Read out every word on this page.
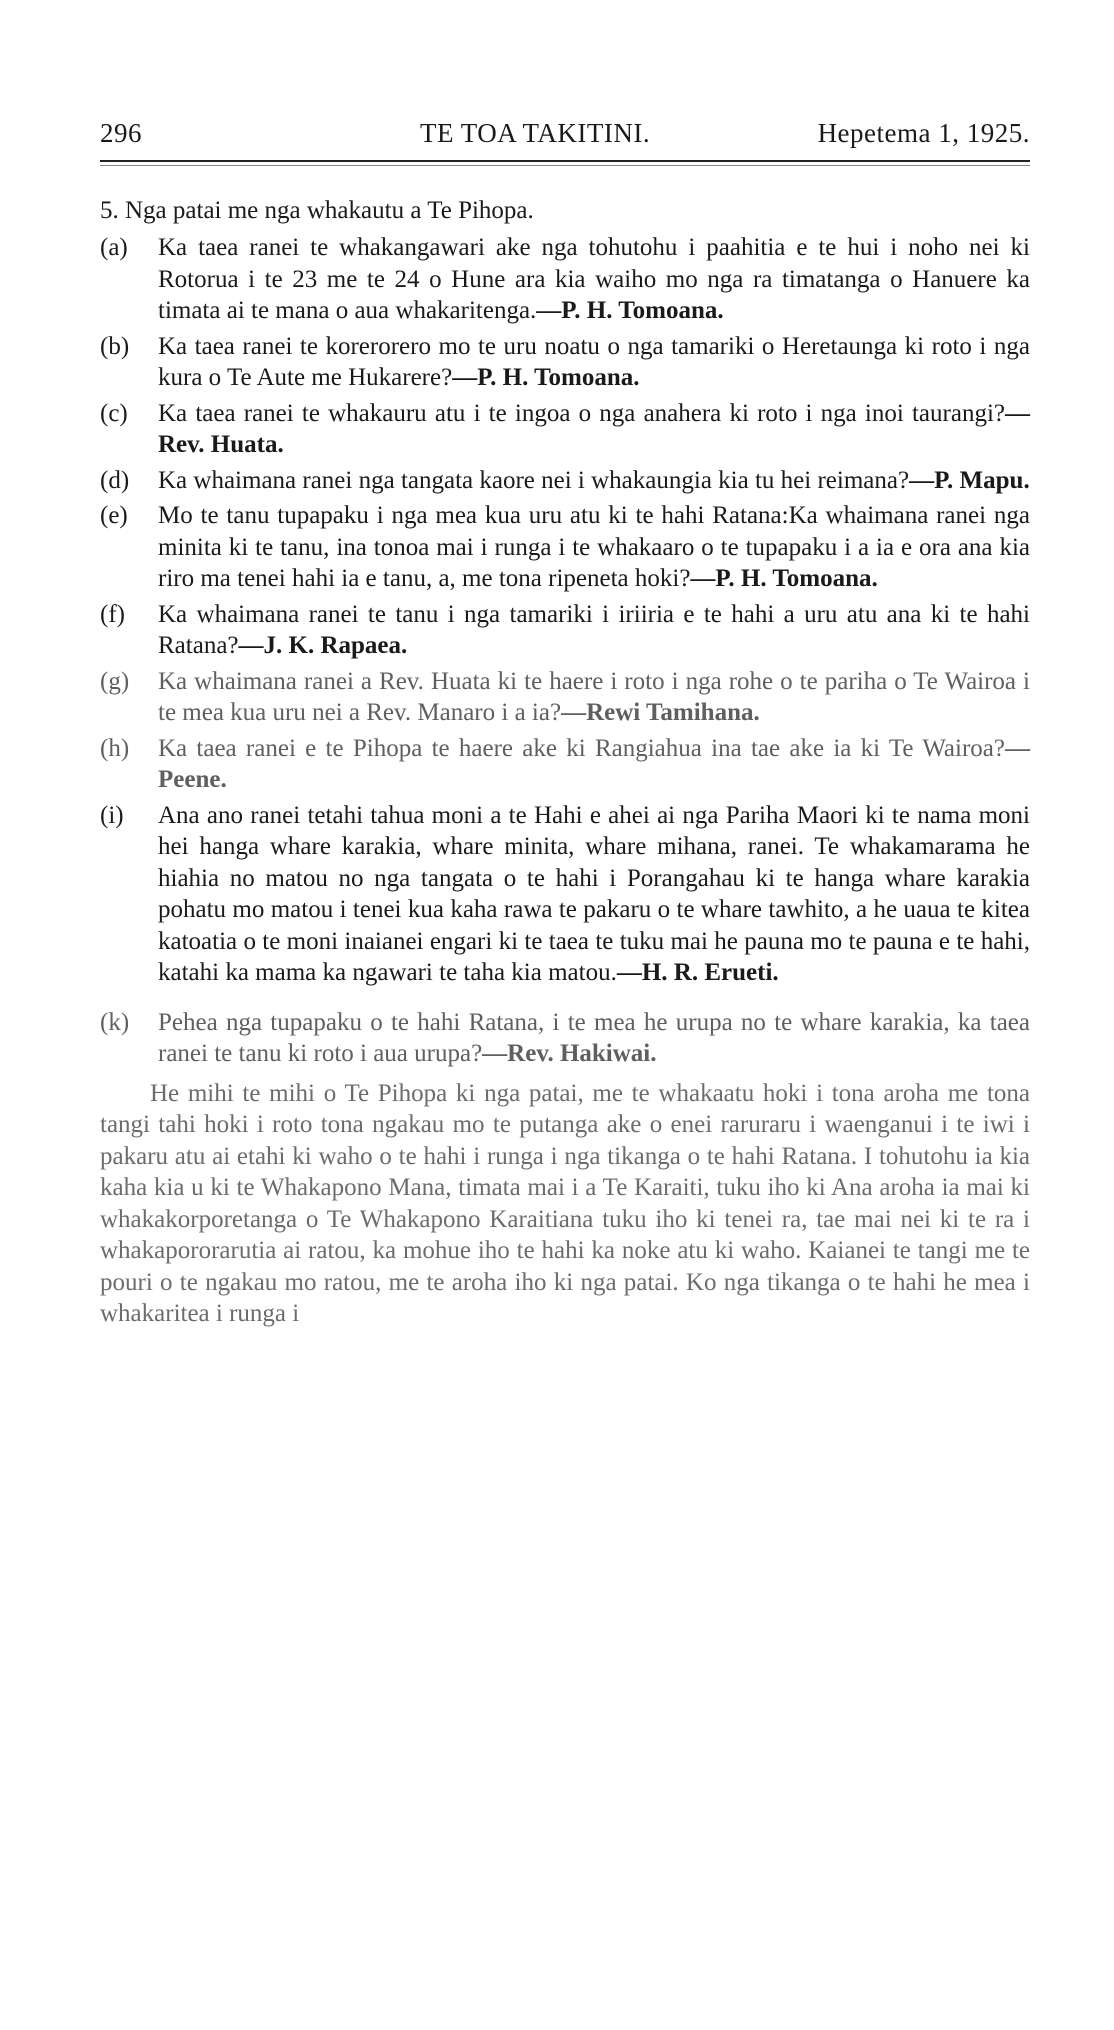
296	TE TOA TAKITINI.	Hepetema 1, 1925.
5. Nga patai me nga whakautu a Te Pihopa.
(a)	Ka taea ranei te whakangawari ake nga tohutohu i paahitia e te hui i noho nei ki Rotorua i te 23 me te 24 o Hune ara kia waiho mo nga ra timatanga o Hanuere ka timata ai te mana o aua whakaritenga.—P. H. Tomoana.
(b)	Ka taea ranei te korerorero mo te uru noatu o nga tamariki o Heretaunga ki roto i nga kura o Te Aute me Hukarere?—P. H. Tomoana.
(c)	Ka taea ranei te whakauru atu i te ingoa o nga anahera ki roto i nga inoi taurangi?—Rev. Huata.
(d)	Ka whaimana ranei nga tangata kaore nei i whakaungia kia tu hei reimana?—P. Mapu.
(e)	Mo te tanu tupapaku i nga mea kua uru atu ki te hahi Ratana:Ka whaimana ranei nga minita ki te tanu, ina tonoa mai i runga i te whakaaro o te tupapaku i a ia e ora ana kia riro ma tenei hahi ia e tanu, a, me tona ripeneta hoki?—P. H. Tomoana.
(f)	Ka whaimana ranei te tanu i nga tamariki i iriiria e te hahi a uru atu ana ki te hahi Ratana?—J. K. Rapaea.
(g)	Ka whaimana ranei a Rev. Huata ki te haere i roto i nga rohe o te pariha o Te Wairoa i te mea kua uru nei a Rev. Manaro i a ia?—Rewi Tamihana.
(h)	Ka taea ranei e te Pihopa te haere ake ki Rangiahua ina tae ake ia ki Te Wairoa?—Peene.
(i)	Ana ano ranei tetahi tahua moni a te Hahi e ahei ai nga Pariha Maori ki te nama moni hei hanga whare karakia, whare minita, whare mihana, ranei. Te whakamarama he hiahia no matou no nga tangata o te hahi i Porangahau ki te hanga whare karakia pohatu mo matou i tenei kua kaha rawa te pakaru o te whare tawhito, a he uaua te kitea katoatia o te moni inaianei engari ki te taea te tuku mai he pauna mo te pauna e te hahi, katahi ka mama ka ngawari te taha kia matou.—H. R. Erueti.
(k)	Pehea nga tupapaku o te hahi Ratana, i te mea he urupa no te whare karakia, ka taea ranei te tanu ki roto i aua urupa?—Rev. Hakiwai.
He mihi te mihi o Te Pihopa ki nga patai, me te whakaatu hoki i tona aroha me tona tangi tahi hoki i roto tona ngakau mo te putanga ake o enei raruraru i waenganui i te iwi i pakaru atu ai etahi ki waho o te hahi i runga i nga tikanga o te hahi Ratana. I tohutohu ia kia kaha kia u ki te Whakapono Mana, timata mai i a Te Karaiti, tuku iho ki Ana aroha ia mai ki whakakorporetanga o Te Whakapono Karaitiana tuku iho ki tenei ra, tae mai nei ki te ra i whakapororarutia ai ratou, ka mohue iho te hahi ka noke atu ki waho. Kaianei te tangi me te pouri o te ngakau mo ratou, me te aroha iho ki nga patai. Ko nga tikanga o te hahi he mea i whakaritea i runga i
